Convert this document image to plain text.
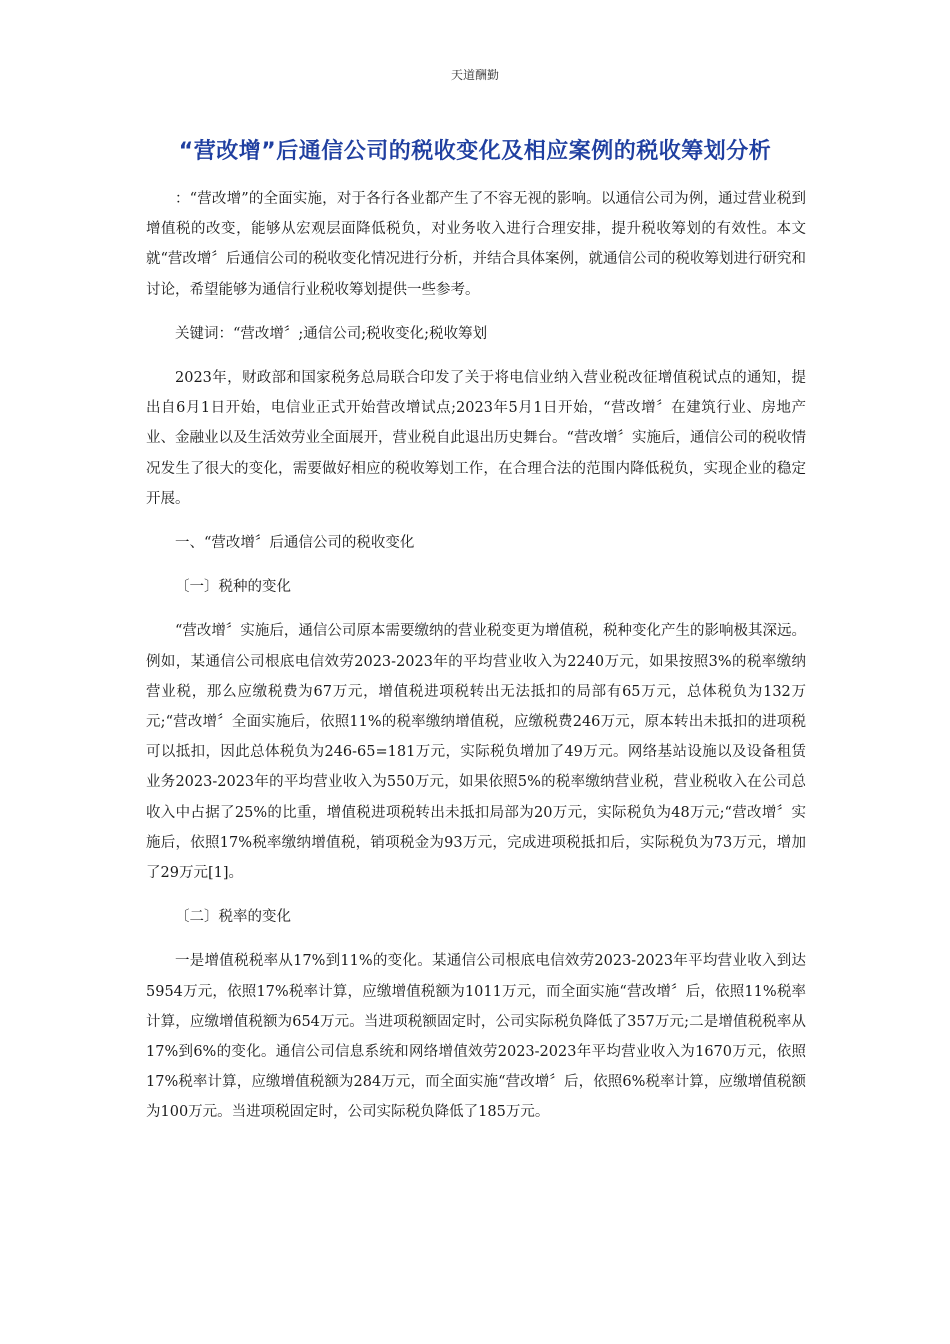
天道酬勤
“营改增”后通信公司的税收变化及相应案例的税收筹划分析

：“营改增”的全面实施，对于各行各业都产生了不容无视的影响。以通信公司为例，通过营业税到增值税的改变，能够从宏观层面降低税负，对业务收入进行合理安排，提升税收筹划的有效性。本文就“营改增〞后通信公司的税收变化情况进行分析，并结合具体案例，就通信公司的税收筹划进行研究和讨论，希望能够为通信行业税收筹划提供一些参考。

关键词：“营改增〞;通信公司;税收变化;税收筹划

2023年，财政部和国家税务总局联合印发了关于将电信业纳入营业税改征增值税试点的通知，提出自6月1日开始，电信业正式开始营改增试点;2023年5月1日开始，“营改增〞在建筑行业、房地产业、金融业以及生活效劳业全面展开，营业税自此退出历史舞台。“营改增〞实施后，通信公司的税收情况发生了很大的变化，需要做好相应的税收筹划工作，在合理合法的范围内降低税负，实现企业的稳定开展。

一、“营改增〞后通信公司的税收变化

〔一〕税种的变化

“营改增〞实施后，通信公司原本需要缴纳的营业税变更为增值税，税种变化产生的影响极其深远。例如，某通信公司根底电信效劳2023-2023年的平均营业收入为2240万元，如果按照3%的税率缴纳营业税，那么应缴税费为67万元，增值税进项税转出无法抵扣的局部有65万元，总体税负为132万元;“营改增〞全面实施后，依照11%的税率缴纳增值税，应缴税费246万元，原本转出未抵扣的进项税可以抵扣，因此总体税负为246-65=181万元，实际税负增加了49万元。网络基站设施以及设备租赁业务2023-2023年的平均营业收入为550万元，如果依照5%的税率缴纳营业税，营业税收入在公司总收入中占据了25%的比重，增值税进项税转出未抵扣局部为20万元，实际税负为48万元;“营改增〞实施后，依照17%税率缴纳增值税，销项税金为93万元，完成进项税抵扣后，实际税负为73万元，增加了29万元[1]。

〔二〕税率的变化

一是增值税税率从17%到11%的变化。某通信公司根底电信效劳2023-2023年平均营业收入到达5954万元，依照17%税率计算，应缴增值税额为1011万元，而全面实施“营改增〞后，依照11%税率计算，应缴增值税额为654万元。当进项税额固定时，公司实际税负降低了357万元;二是增值税税率从17%到6%的变化。通信公司信息系统和网络增值效劳2023-2023年平均营业收入为1670万元，依照17%税率计算，应缴增值税额为284万元，而全面实施“营改增〞后，依照6%税率计算，应缴增值税额为100万元。当进项税固定时，公司实际税负降低了185万元。
